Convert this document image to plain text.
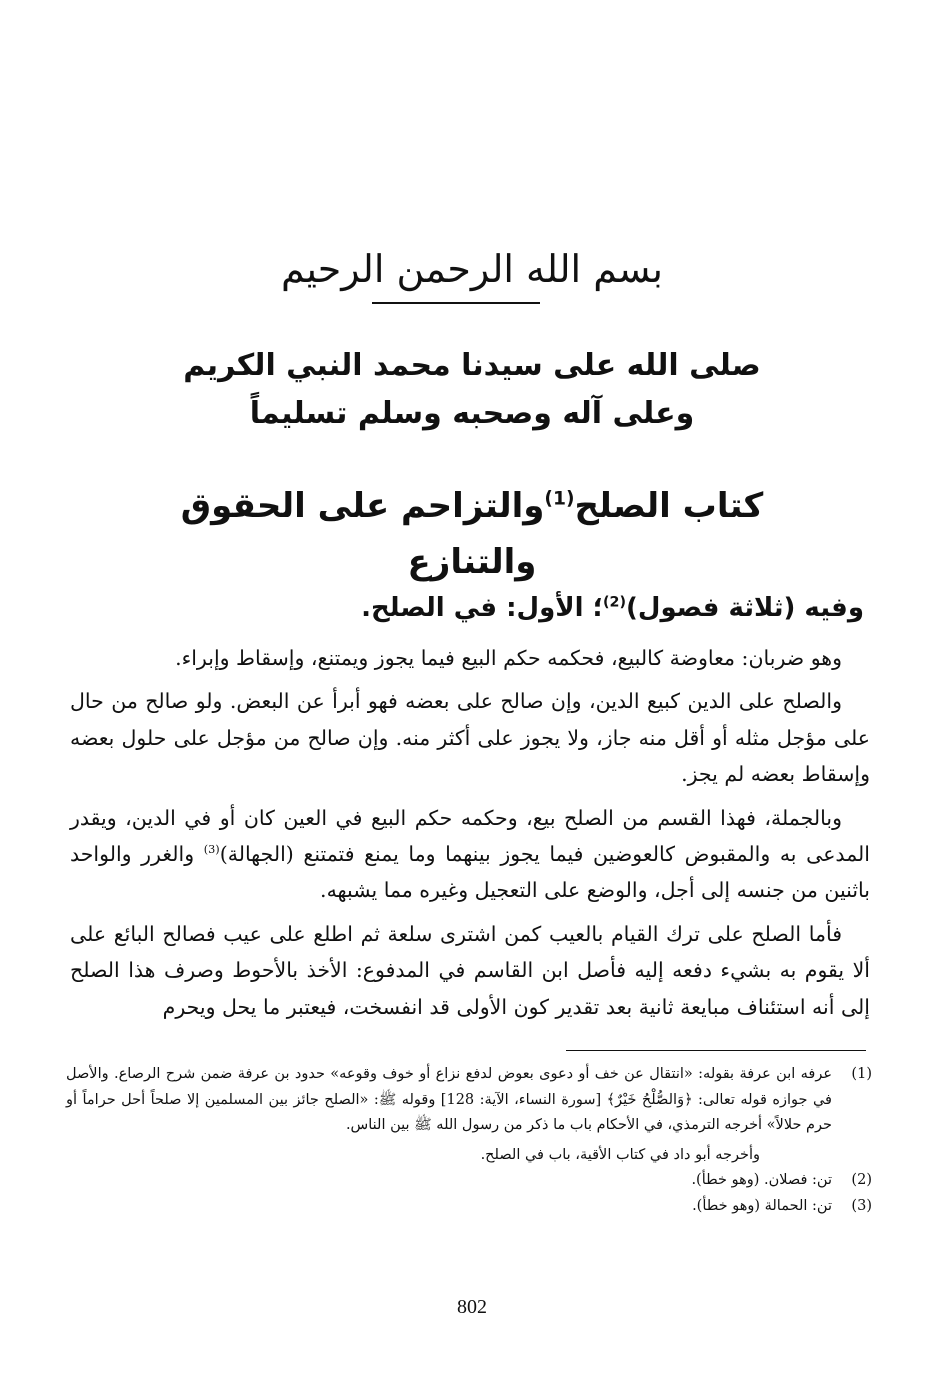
بسم الله الرحمن الرحيم
صلى الله على سيدنا محمد النبي الكريم
وعلى آله وصحبه وسلم تسليماً
كتاب الصلح$^{(1)}$والتزاحم على الحقوق والتنازع
وفيه (ثلاثة فصول)$^{(2)}$؛ الأول: في الصلح.

وهو ضربان: معاوضة كالبيع، فحكمه حكم البيع فيما يجوز ويمتنع، وإسقاط وإبراء.

والصلح على الدين كبيع الدين، وإن صالح على بعضه فهو أبرأ عن البعض. ولو صالح من حال على مؤجل مثله أو أقل منه جاز، ولا يجوز على أكثر منه. وإن صالح من مؤجل على حلول بعضه وإسقاط بعضه لم يجز.

وبالجملة، فهذا القسم من الصلح بيع، وحكمه حكم البيع في العين كان أو في الدين، ويقدر المدعى به والمقبوض كالعوضين فيما يجوز بينهما وما يمنع فتمتنع (الجهالة)$^{(3)}$ والغرر والواحد باثنين من جنسه إلى أجل، والوضع على التعجيل وغيره مما يشبهه.

فأما الصلح على ترك القيام بالعيب كمن اشترى سلعة ثم اطلع على عيب فصالح البائع على ألا يقوم به بشيء دفعه إليه فأصل ابن القاسم في المدفوع: الأخذ بالأحوط وصرف هذا الصلح إلى أنه استئناف مبايعة ثانية بعد تقدير كون الأولى قد انفسخت، فيعتبر ما يحل ويحرم

(1)
عرفه ابن عرفة بقوله: «انتقال عن خف أو دعوى بعوض لدفع نزاع أو خوف وقوعه» حدود بن عرفة ضمن شرح الرصاع. والأصل في جوازه قوله تعالى: ﴿وَالصُّلْحُ خَيْرٌ﴾ [سورة النساء، الآية: 128] وقوله ﷺ: «الصلح جائز بين المسلمين إلا صلحاً أحل حراماً أو حرم حلالاً» أخرجه الترمذي، في الأحكام باب ما ذكر من رسول الله ﷺ بين الناس.
وأخرجه أبو داد في كتاب الأقية، باب في الصلح.
(2)
تن: فصلان. (وهو خطأ).
(3)
تن: الحمالة (وهو خطأ).
802
